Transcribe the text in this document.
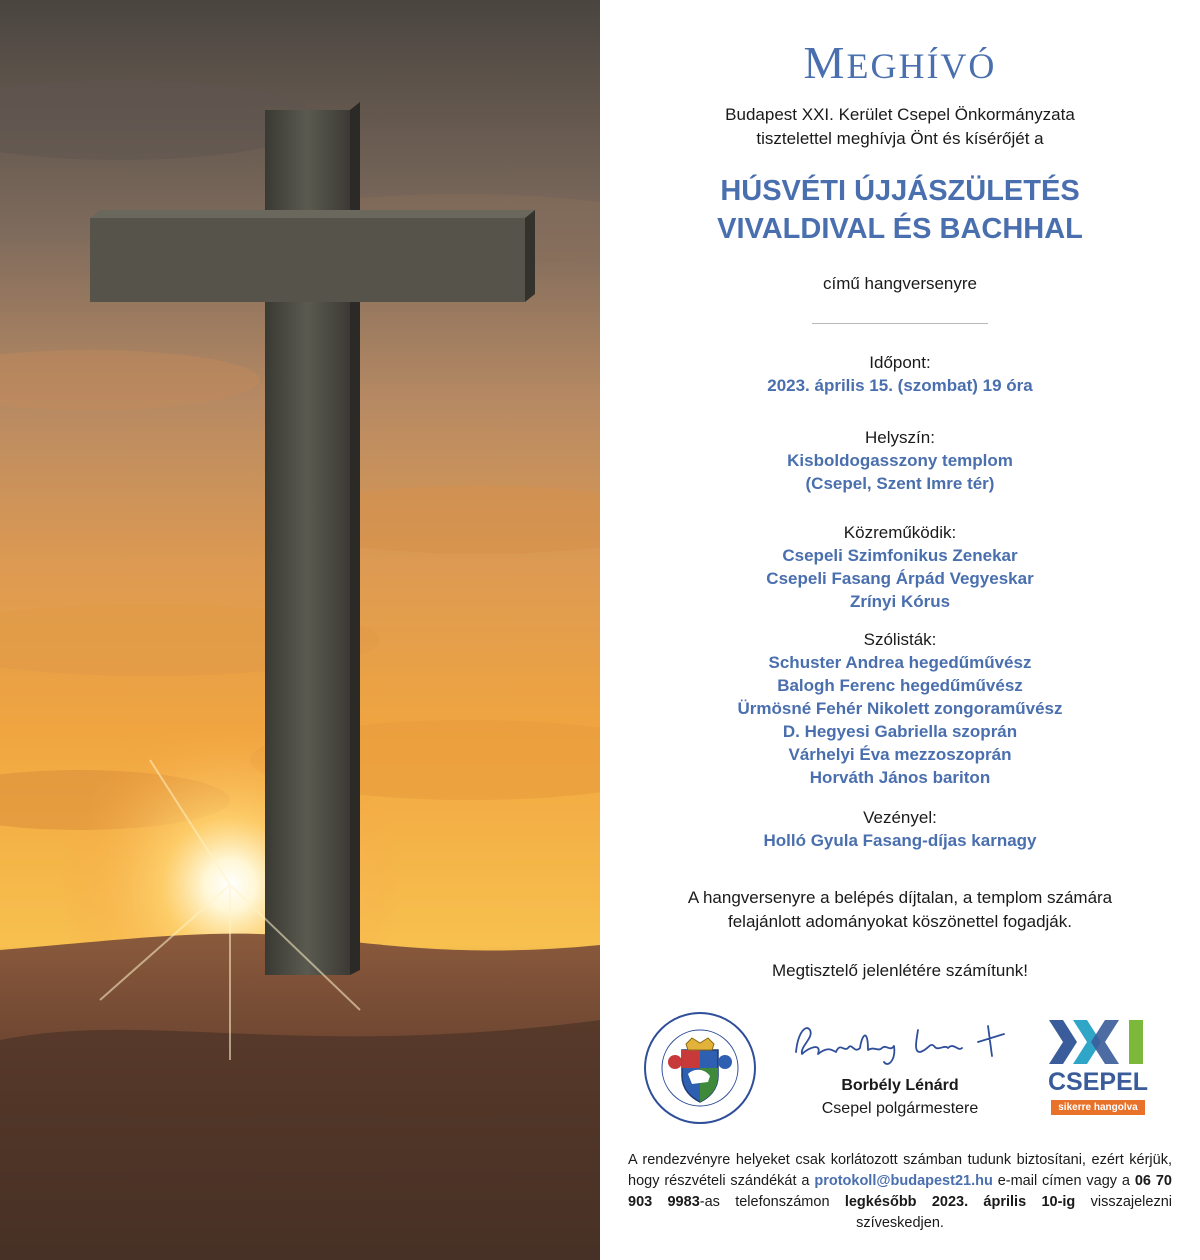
MEGHÍVÓ
Budapest XXI. Kerület Csepel Önkormányzata
tisztelettel meghívja Önt és kísérőjét a
HÚSVÉTI ÚJJÁSZÜLETÉS
VIVALDIVAL ÉS BACHHAL
című hangversenyre
Időpont:
2023. április 15. (szombat) 19 óra
Helyszín:
Kisboldogasszony templom
(Csepel, Szent Imre tér)
Közreműködik:
Csepeli Szimfonikus Zenekar
Csepeli Fasang Árpád Vegyeskar
Zrínyi Kórus
Szólisták:
Schuster Andrea hegedűművész
Balogh Ferenc hegedűművész
Ürmösné Fehér Nikolett zongoraművész
D. Hegyesi Gabriella szoprán
Várhelyi Éva mezzoszoprán
Horváth János bariton
Vezényel:
Holló Gyula Fasang-díjas karnagy
A hangversenyre a belépés díjtalan, a templom számára
felajánlott adományokat köszönettel fogadják.
Megtisztelő jelenlétére számítunk!
Borbély Lénárd
Csepel polgármestere
CSEPEL
sikerre hangolva
A rendezvényre helyeket csak korlátozott számban tudunk biztosítani, ezért kérjük, hogy részvételi szándékát a protokoll@budapest21.hu e-mail címen vagy a 06 70 903 9983-as telefonszámon legkésőbb 2023. április 10-ig visszajelezni szíveskedjen.
